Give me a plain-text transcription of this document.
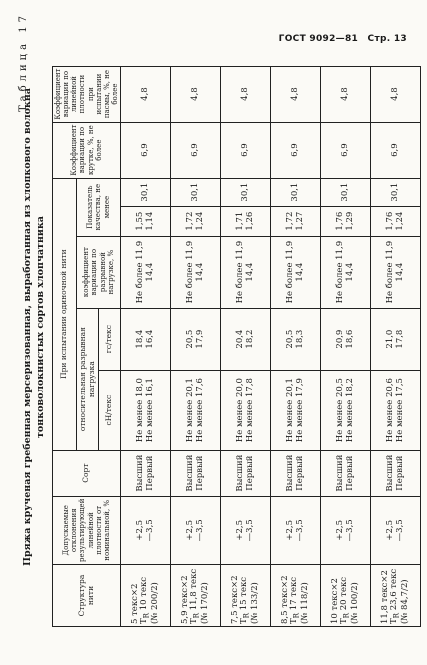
ГОСТ 9092—81 Стр. 13
Таблица 17
Пряжа крученая гребенная мерсеризованная, выработанная из хлопкового волокна тонковолокнистых сортов хлопчатника
Структура нити	Допускаемые отклонения результирующей линейной плотности от номинальной, %	Сорт	При испытании одиночной нити					Коэффициент вариации по крутке, %, не более	Коэффициент вариации по линейной плотности при испытании пасмы, %, не более
			относительная разрывная нагрузка		коэффициент вариации по разрывной нагрузке, %	Показатель качества, не менее			
			сН/текс	гс/текс					

5 текс×2 $T_R$ 10 текс (№ 200/2)	+2,5 —3,5	Высший Первый	Не менее 18,0 Не менее 16,1	18,4 16,4	Не более 11,9 14,4	1,55 1,14	30,1	6,9	4,8

5,9 текс×2 $T_R$ 11,8 текс (№ 170/2)	+2,5 —3,5	Высший Первый	Не менее 20,1 Не менее 17,6	20,5 17,9	Не более 11,9 14,4	1,72 1,24	30,1	6,9	4,8

7,5 текс×2 $T_R$ 15 текс (№ 133/2)	+2,5 —3,5	Высший Первый	Не менее 20,0 Не менее 17,8	20,4 18,2	Не более 11,9 14,4	1,71 1,26	30,1	6,9	4,8

8,5 текс×2 $T_R$ 17 текс (№ 118/2)	+2,5 —3,5	Высший Первый	Не менее 20,1 Не менее 17,9	20,5 18,3	Не более 11,9 14,4	1,72 1,27	30,1	6,9	4,8

10 текс×2 $T_R$ 20 текс (№ 100/2)	+2,5 —3,5	Высший Первый	Не менее 20,5 Не менее 18,2	20,9 18,6	Не более 11,9 14,4	1,76 1,29	30,1	6,9	4,8

11,8 текс×2 $T_R$ 23,6 текс (№ 84,7/2)	+2,5 —3,5	Высший Первый	Не менее 20,6 Не менее 17,5	21,0 17,8	Не более 11,9 14,4	1,76 1,24	30,1	6,9	4,8
